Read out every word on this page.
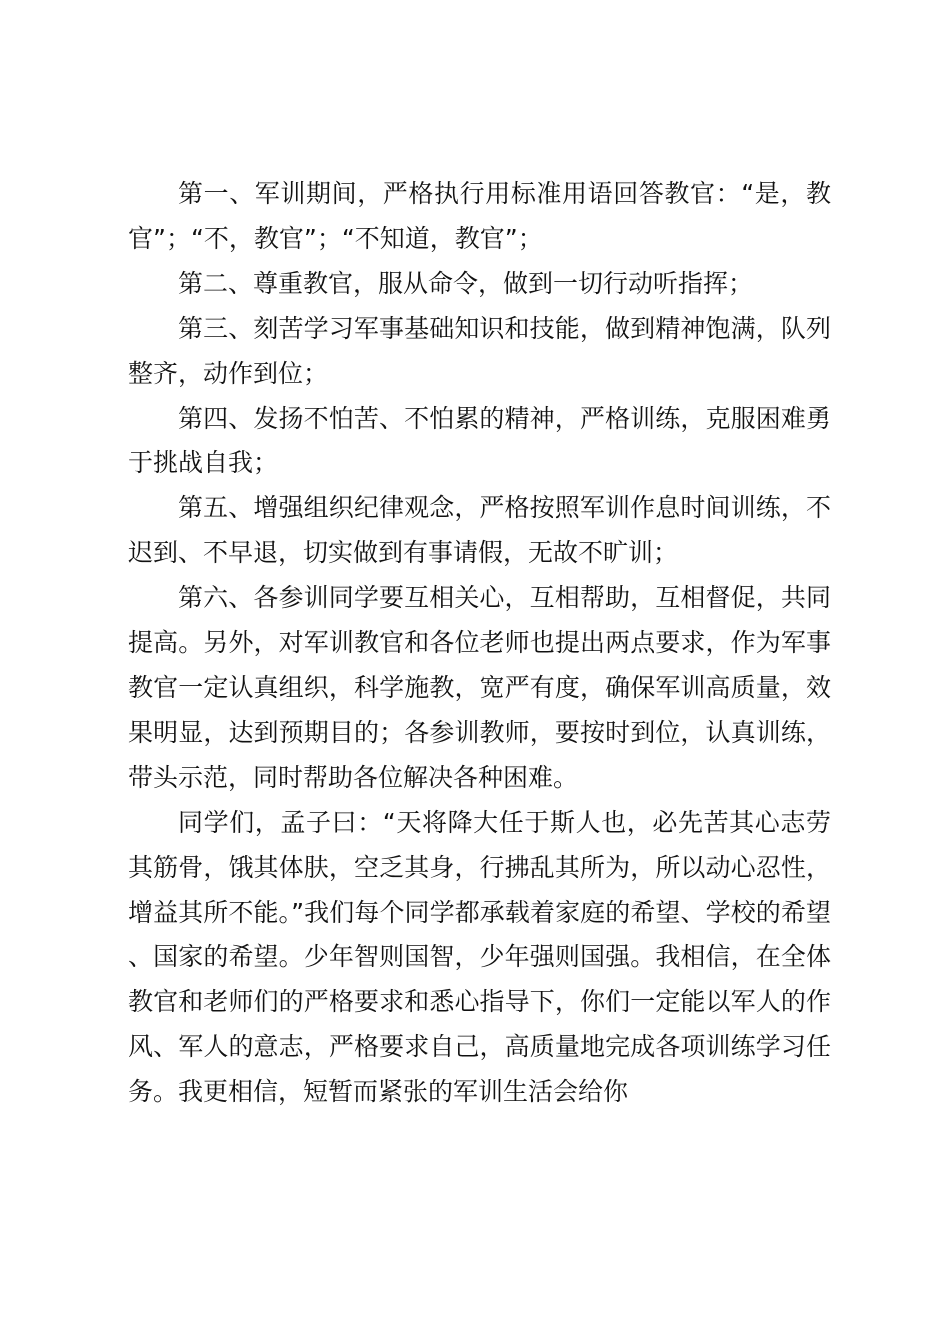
第一、军训期间，严格执行用标准用语回答教官：“是，教官”；“不，教官”；“不知道，教官”；

第二、尊重教官，服从命令，做到一切行动听指挥；

第三、刻苦学习军事基础知识和技能，做到精神饱满，队列整齐，动作到位；

第四、发扬不怕苦、不怕累的精神，严格训练，克服困难勇于挑战自我；

第五、增强组织纪律观念，严格按照军训作息时间训练，不迟到、不早退，切实做到有事请假，无故不旷训；

第六、各参训同学要互相关心，互相帮助，互相督促，共同提高。另外，对军训教官和各位老师也提出两点要求，作为军事教官一定认真组织，科学施教，宽严有度，确保军训高质量，效果明显，达到预期目的；各参训教师，要按时到位，认真训练，带头示范，同时帮助各位解决各种困难。

同学们，孟子曰：“天将降大任于斯人也，必先苦其心志劳其筋骨，饿其体肤，空乏其身，行拂乱其所为，所以动心忍性，增益其所不能。”我们每个同学都承载着家庭的希望、学校的希望、国家的希望。少年智则国智，少年强则国强。我相信，在全体教官和老师们的严格要求和悉心指导下，你们一定能以军人的作风、军人的意志，严格要求自己，高质量地完成各项训练学习任务。我更相信，短暂而紧张的军训生活会给你
